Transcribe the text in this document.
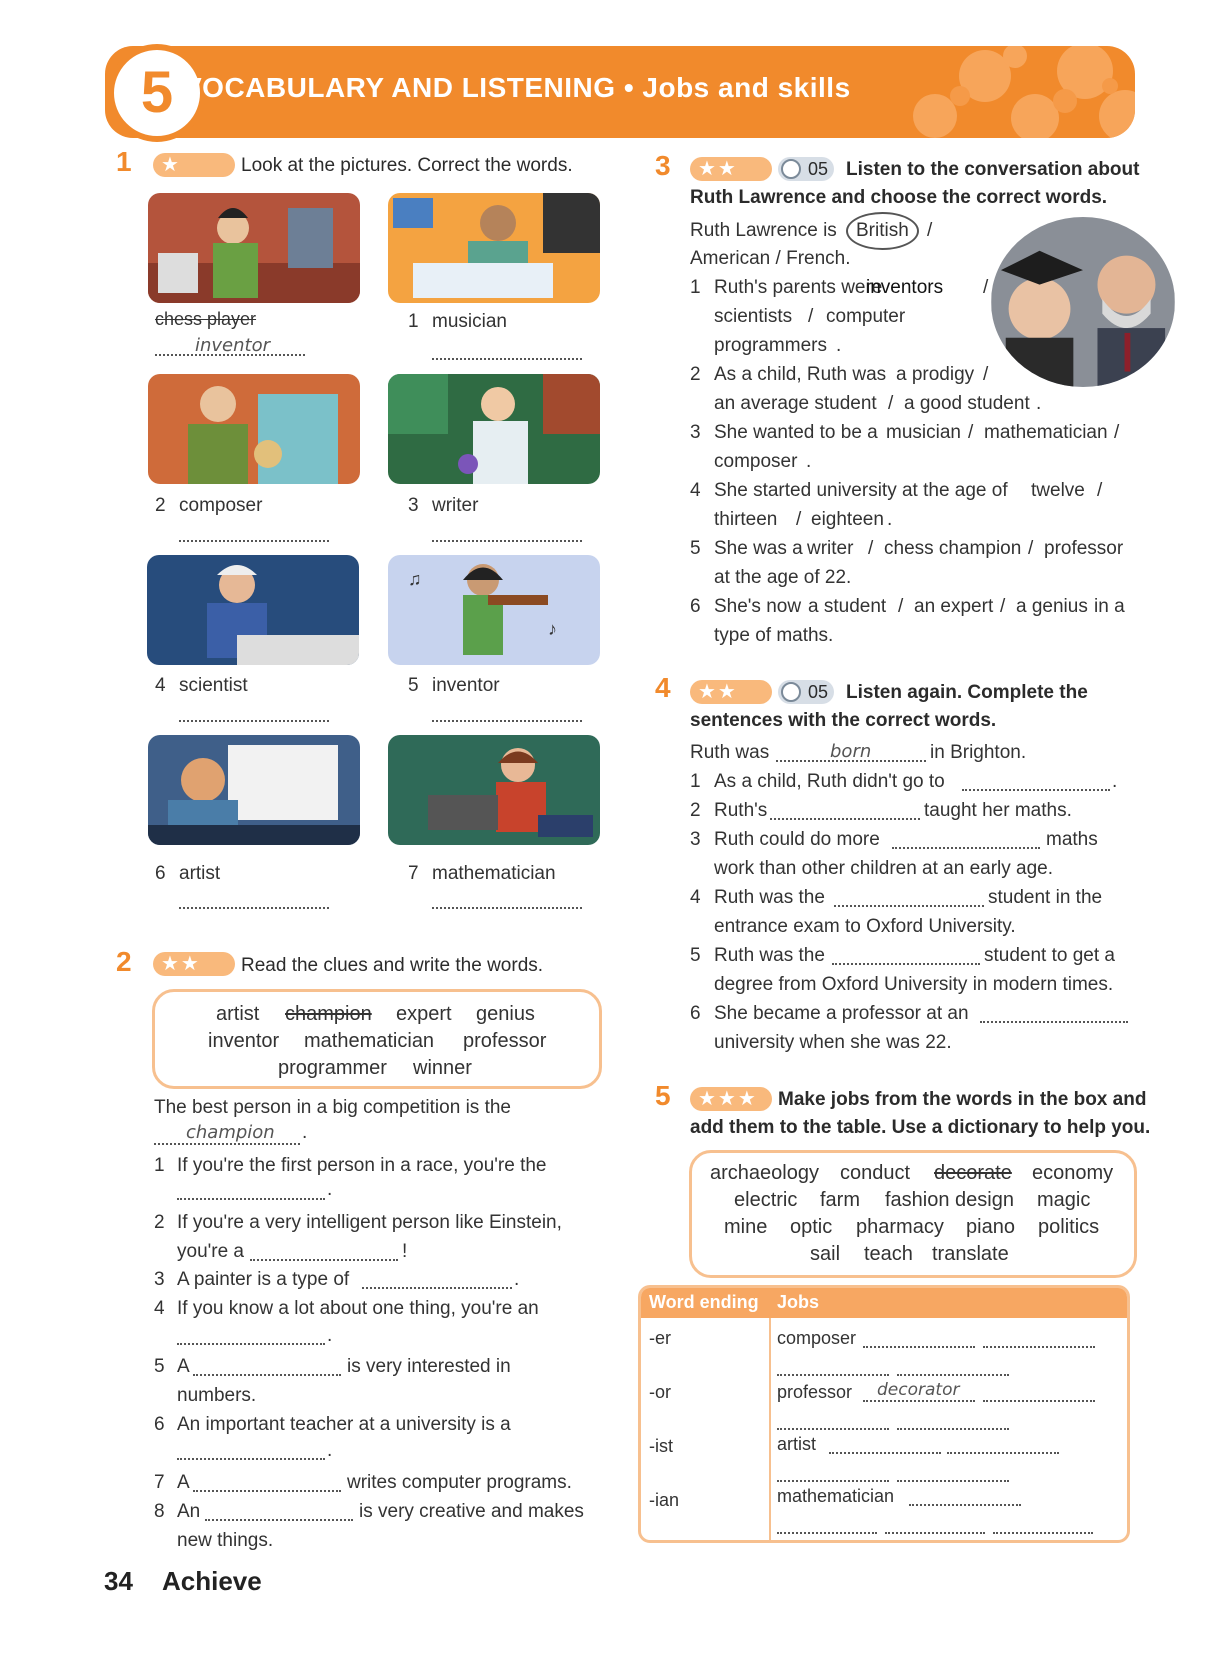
5 VOCABULARY AND LISTENING • Jobs and skills
1	★	Look at the pictures. Correct the words.
♫
♪
chess player
inventor
1 musician
2 composer	3 writer
4 scientist	5 inventor
6 artist	7 mathematician
2	★★	Read the clues and write the words.
artist champion expert genius
inventor mathematician professor
programmer winner
The best person in a big competition is the
champion .
1 If you're the first person in a race, you're the
.
2 If you're a very intelligent person like Einstein,
you're a	!
3 A painter is a type of	.
4 If you know a lot about one thing, you're an
.
5 A	is very interested in
numbers.
6 An important teacher at a university is a
.
7 A	writes computer programs.
8 An	is very creative and makes
new things.
3	★★	05 Listen to the conversation about
Ruth Lawrence and choose the correct words.
Ruth Lawrence is	British /
American / French.
1 Ruth's parents were
inventors /
scientists / computer
programmers .
2 As a child, Ruth was a prodigy /
an average student / a good student .
3 She wanted to be a musician / mathematician /
composer .
4 She started university at the age of twelve /
thirteen / eighteen .
5 She was a writer / chess champion / professor
at the age of 22.
6 She's now a student / an expert / a genius in a
type of maths.
4	★★	05 Listen again. Complete the
sentences with the correct words.
Ruth was	born	in Brighton.
1 As a child, Ruth didn't go to	.
2 Ruth's	taught her maths.
3 Ruth could do more	maths
work than other children at an early age.
4 Ruth was the	student in the
entrance exam to Oxford University.
5 Ruth was the	student to get a
degree from Oxford University in modern times.
6 She became a professor at an
university when she was 22.
5	★★★	Make jobs from the words in the box and
add them to the table. Use a dictionary to help you.
archaeology conduct decorate economy
electric farm fashion design magic
mine optic pharmacy piano politics
sail teach translate
Word ending Jobs
-er	composer
-or	professor decorator
-ist	artist
-ian	mathematician
34 Achieve
